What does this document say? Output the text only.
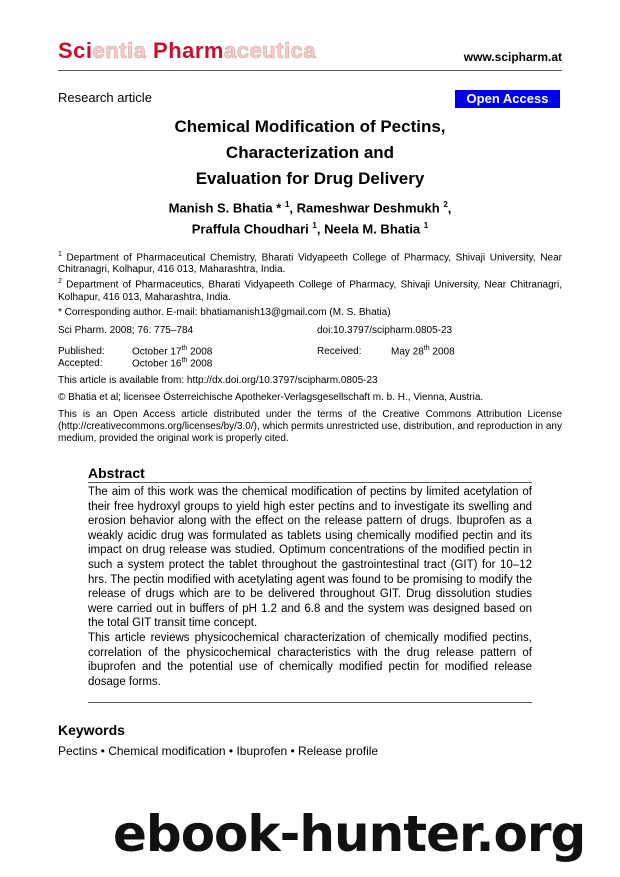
Scientia Pharmaceutica	www.scipharm.at
Research article	Open Access
Chemical Modification of Pectins,
Characterization and
Evaluation for Drug Delivery
Manish S. Bhatia * $^1$, Rameshwar Deshmukh $^2$,
Praffula Choudhari $^1$, Neela M. Bhatia $^1$

$^1$ Department of Pharmaceutical Chemistry, Bharati Vidyapeeth College of Pharmacy, Shivaji University, Near Chitranagri, Kolhapur, 416 013, Maharashtra, India.

$^2$ Department of Pharmaceutics, Bharati Vidyapeeth College of Pharmacy, Shivaji University, Near Chitranagri, Kolhapur, 416 013, Maharashtra, India.

* Corresponding author. E-mail: bhatiamanish13@gmail.com (M. S. Bhatia)
Sci Pharm. 2008; 76: 775–784	doi:10.3797/scipharm.0805-23
Published:	October 17th 2008	Received:	May 28th 2008
Accepted:	October 16th 2008
This article is available from: http://dx.doi.org/10.3797/scipharm.0805-23
© Bhatia et al; licensee Österreichische Apotheker-Verlagsgesellschaft m. b. H., Vienna, Austria.
This is an Open Access article distributed under the terms of the Creative Commons Attribution License (http://creativecommons.org/licenses/by/3.0/), which permits unrestricted use, distribution, and reproduction in any medium, provided the original work is properly cited.
Abstract

The aim of this work was the chemical modification of pectins by limited acetylation of their free hydroxyl groups to yield high ester pectins and to investigate its swelling and erosion behavior along with the effect on the release pattern of drugs. Ibuprofen as a weakly acidic drug was formulated as tablets using chemically modified pectin and its impact on drug release was studied. Optimum concentrations of the modified pectin in such a system protect the tablet throughout the gastrointestinal tract (GIT) for 10–12 hrs. The pectin modified with acetylating agent was found to be promising to modify the release of drugs which are to be delivered throughout GIT. Drug dissolution studies were carried out in buffers of pH 1.2 and 6.8 and the system was designed based on the total GIT transit time concept.

This article reviews physicochemical characterization of chemically modified pectins, correlation of the physicochemical characteristics with the drug release pattern of ibuprofen and the potential use of chemically modified pectin for modified release dosage forms.

Keywords
Pectins • Chemical modification • Ibuprofen • Release profile
ebook-hunter.org
